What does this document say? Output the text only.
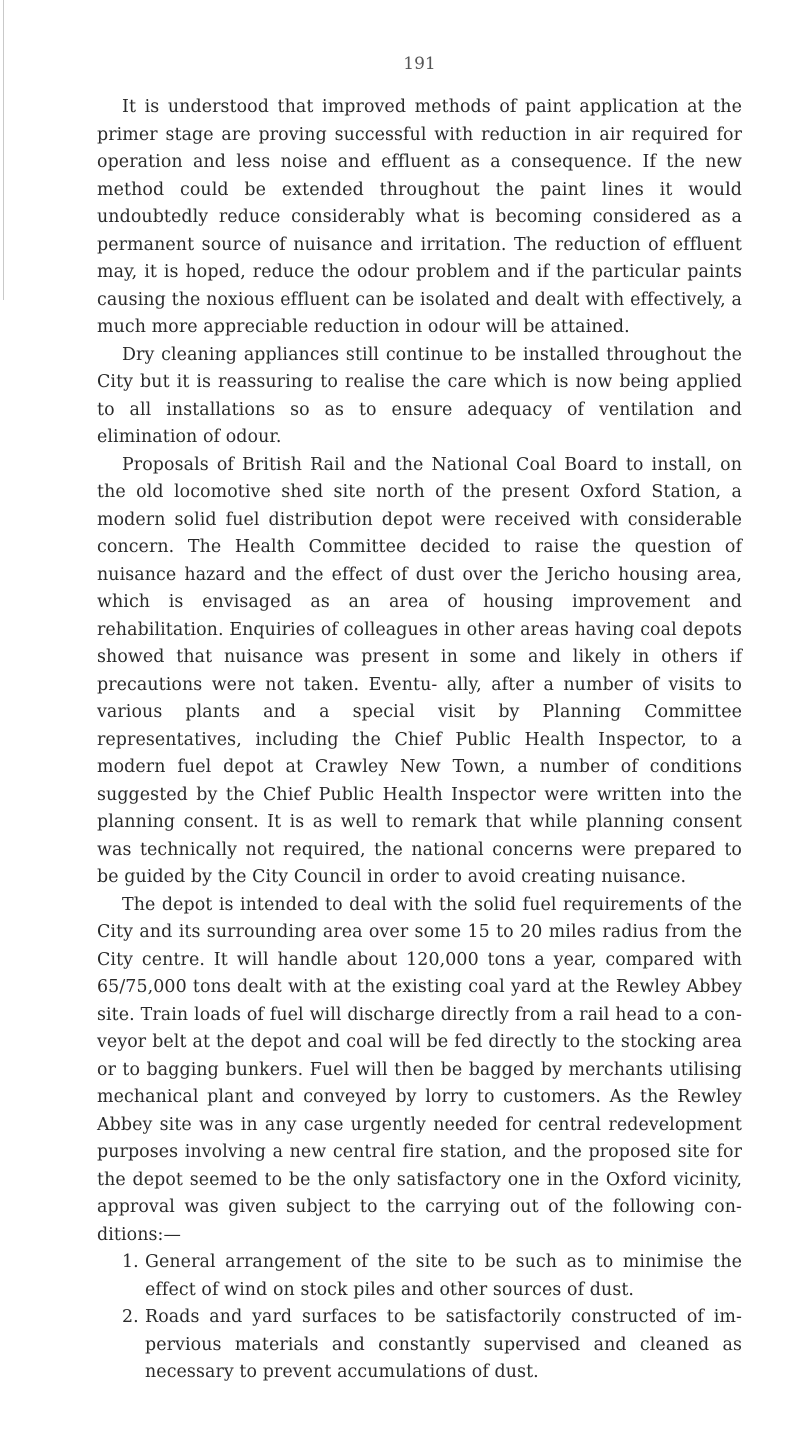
191

It is understood that improved methods of paint application at the primer stage are proving successful with reduction in air required for operation and less noise and effluent as a consequence. If the new method could be extended throughout the paint lines it would undoubtedly reduce considerably what is becoming considered as a permanent source of nuisance and irritation. The reduction of effluent may, it is hoped, reduce the odour problem and if the particular paints causing the noxious effluent can be isolated and dealt with effectively, a much more appreciable reduction in odour will be attained.

Dry cleaning appliances still continue to be installed throughout the City but it is reassuring to realise the care which is now being applied to all installations so as to ensure adequacy of ventilation and elimination of odour.

Proposals of British Rail and the National Coal Board to install, on the old locomotive shed site north of the present Oxford Station, a modern solid fuel distribution depot were received with considerable concern. The Health Committee decided to raise the question of nuisance hazard and the effect of dust over the Jericho housing area, which is envisaged as an area of housing improvement and rehabilitation. Enquiries of colleagues in other areas having coal depots showed that nuisance was present in some and likely in others if precautions were not taken. Eventu- ally, after a number of visits to various plants and a special visit by Planning Committee representatives, including the Chief Public Health Inspector, to a modern fuel depot at Crawley New Town, a number of conditions suggested by the Chief Public Health Inspector were written into the planning consent. It is as well to remark that while planning consent was technically not required, the national concerns were prepared to be guided by the City Council in order to avoid creating nuisance.

The depot is intended to deal with the solid fuel requirements of the City and its surrounding area over some 15 to 20 miles radius from the City centre. It will handle about 120,000 tons a year, compared with 65/75,000 tons dealt with at the existing coal yard at the Rewley Abbey site. Train loads of fuel will discharge directly from a rail head to a con- veyor belt at the depot and coal will be fed directly to the stocking area or to bagging bunkers. Fuel will then be bagged by merchants utilising mechanical plant and conveyed by lorry to customers. As the Rewley Abbey site was in any case urgently needed for central redevelopment purposes involving a new central fire station, and the proposed site for the depot seemed to be the only satisfactory one in the Oxford vicinity, approval was given subject to the carrying out of the following con- ditions:—

1. General arrangement of the site to be such as to minimise the effect of wind on stock piles and other sources of dust.
2. Roads and yard surfaces to be satisfactorily constructed of im- pervious materials and constantly supervised and cleaned as necessary to prevent accumulations of dust.
